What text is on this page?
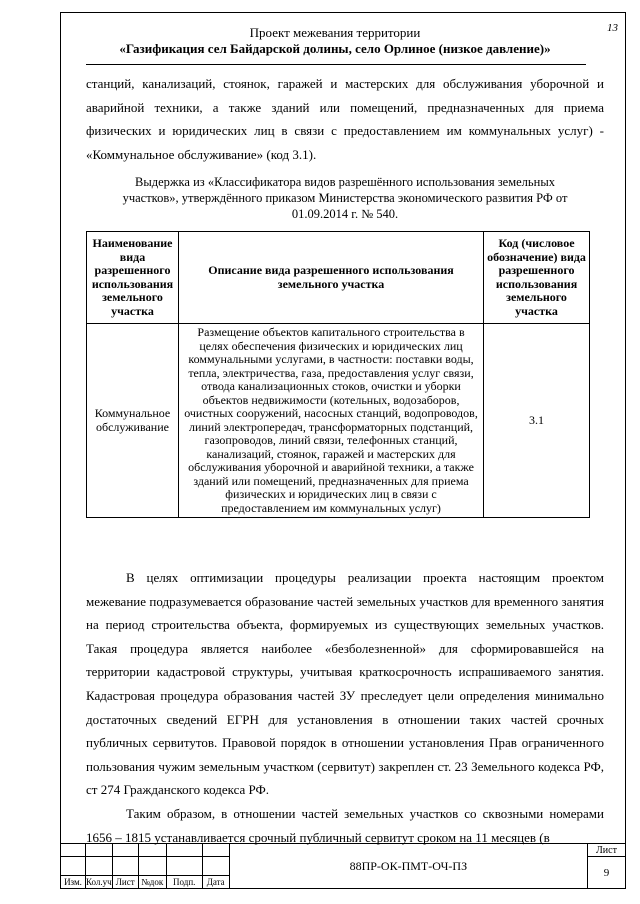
13
Проект межевания территории
«Газификация сел Байдарской долины, село Орлиное (низкое давление)»

станций, канализаций, стоянок, гаражей и мастерских для обслуживания уборочной и аварийной техники, а также зданий или помещений, предназначенных для приема физических и юридических лиц в связи с предоставлением им коммунальных услуг) - «Коммунальное обслуживание» (код 3.1).

Выдержка из «Классификатора видов разрешённого использования земельных
участков», утверждённого приказом Министерства экономического развития РФ от
01.09.2014 г. № 540.
Наименование вида разрешенного использования земельного участка	Описание вида разрешенного использования земельного участка	Код (числовое обозначение) вида разрешенного использования земельного участка
Коммунальное обслуживание	Размещение объектов капитального строительства в целях обеспечения физических и юридических лиц коммунальными услугами, в частности: поставки воды, тепла, электричества, газа, предоставления услуг связи, отвода канализационных стоков, очистки и уборки объектов недвижимости (котельных, водозаборов, очистных сооружений, насосных станций, водопроводов, линий электропередач, трансформаторных подстанций, газопроводов, линий связи, телефонных станций, канализаций, стоянок, гаражей и мастерских для обслуживания уборочной и аварийной техники, а также зданий или помещений, предназначенных для приема физических и юридических лиц в связи с предоставлением им коммунальных услуг)	3.1

В целях оптимизации процедуры реализации проекта настоящим проектом межевание подразумевается образование частей земельных участков для временного занятия на период строительства объекта, формируемых из существующих земельных участков. Такая процедура является наиболее «безболезненной» для сформировавшейся на территории кадастровой структуры, учитывая краткосрочность испрашиваемого занятия. Кадастровая процедура образования частей ЗУ преследует цели определения минимально достаточных сведений ЕГРН для установления в отношении таких частей срочных публичных сервитутов. Правовой порядок в отношении установления Прав ограниченного пользования чужим земельным участком (сервитут) закреплен ст. 23 Земельного кодекса РФ, ст 274 Гражданского кодекса РФ.

Таким образом, в отношении частей земельных участков со сквозными номерами 1656 – 1815 устанавливается срочный публичный сервитут сроком на 11 месяцев (в

						88ПР-ОК-ПМТ-ОЧ-ПЗ	Лист
							9
Изм.	Кол.уч	Лист	№док	Подп.	Дата		
